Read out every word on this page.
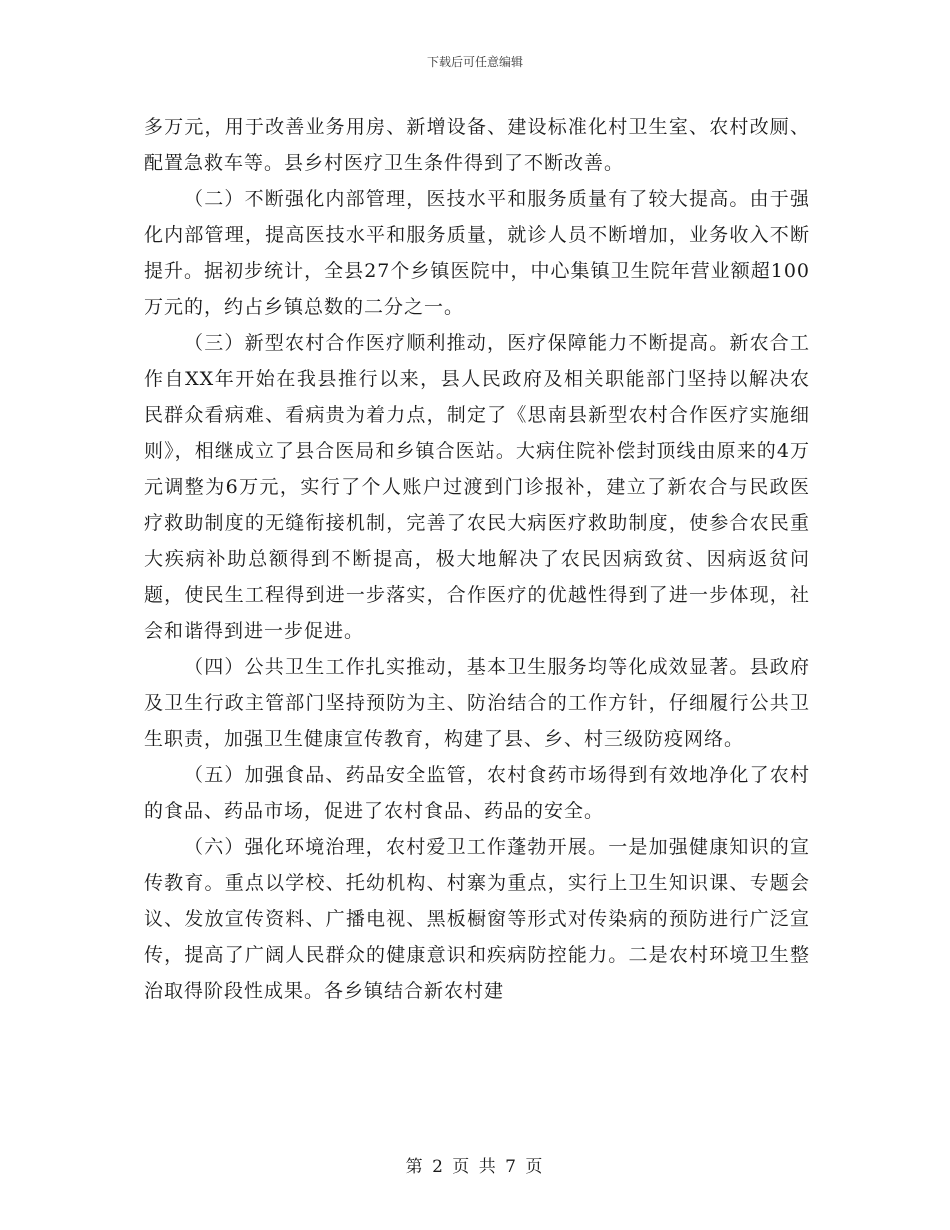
下载后可任意编辑

多万元，用于改善业务用房、新增设备、建设标准化村卫生室、农村改厕、配置急救车等。县乡村医疗卫生条件得到了不断改善。

（二）不断强化内部管理，医技水平和服务质量有了较大提高。由于强化内部管理，提高医技水平和服务质量，就诊人员不断增加，业务收入不断提升。据初步统计，全县27个乡镇医院中，中心集镇卫生院年营业额超100万元的，约占乡镇总数的二分之一。

（三）新型农村合作医疗顺利推动，医疗保障能力不断提高。新农合工作自XX年开始在我县推行以来，县人民政府及相关职能部门坚持以解决农民群众看病难、看病贵为着力点，制定了《思南县新型农村合作医疗实施细则》，相继成立了县合医局和乡镇合医站。大病住院补偿封顶线由原来的4万元调整为6万元，实行了个人账户过渡到门诊报补，建立了新农合与民政医疗救助制度的无缝衔接机制，完善了农民大病医疗救助制度，使参合农民重大疾病补助总额得到不断提高，极大地解决了农民因病致贫、因病返贫问题，使民生工程得到进一步落实，合作医疗的优越性得到了进一步体现，社会和谐得到进一步促进。

（四）公共卫生工作扎实推动，基本卫生服务均等化成效显著。县政府及卫生行政主管部门坚持预防为主、防治结合的工作方针，仔细履行公共卫生职责，加强卫生健康宣传教育，构建了县、乡、村三级防疫网络。

（五）加强食品、药品安全监管，农村食药市场得到有效地净化了农村的食品、药品市场，促进了农村食品、药品的安全。

（六）强化环境治理，农村爱卫工作蓬勃开展。一是加强健康知识的宣传教育。重点以学校、托幼机构、村寨为重点，实行上卫生知识课、专题会议、发放宣传资料、广播电视、黑板橱窗等形式对传染病的预防进行广泛宣传，提高了广阔人民群众的健康意识和疾病防控能力。二是农村环境卫生整治取得阶段性成果。各乡镇结合新农村建

第 2 页 共 7 页
